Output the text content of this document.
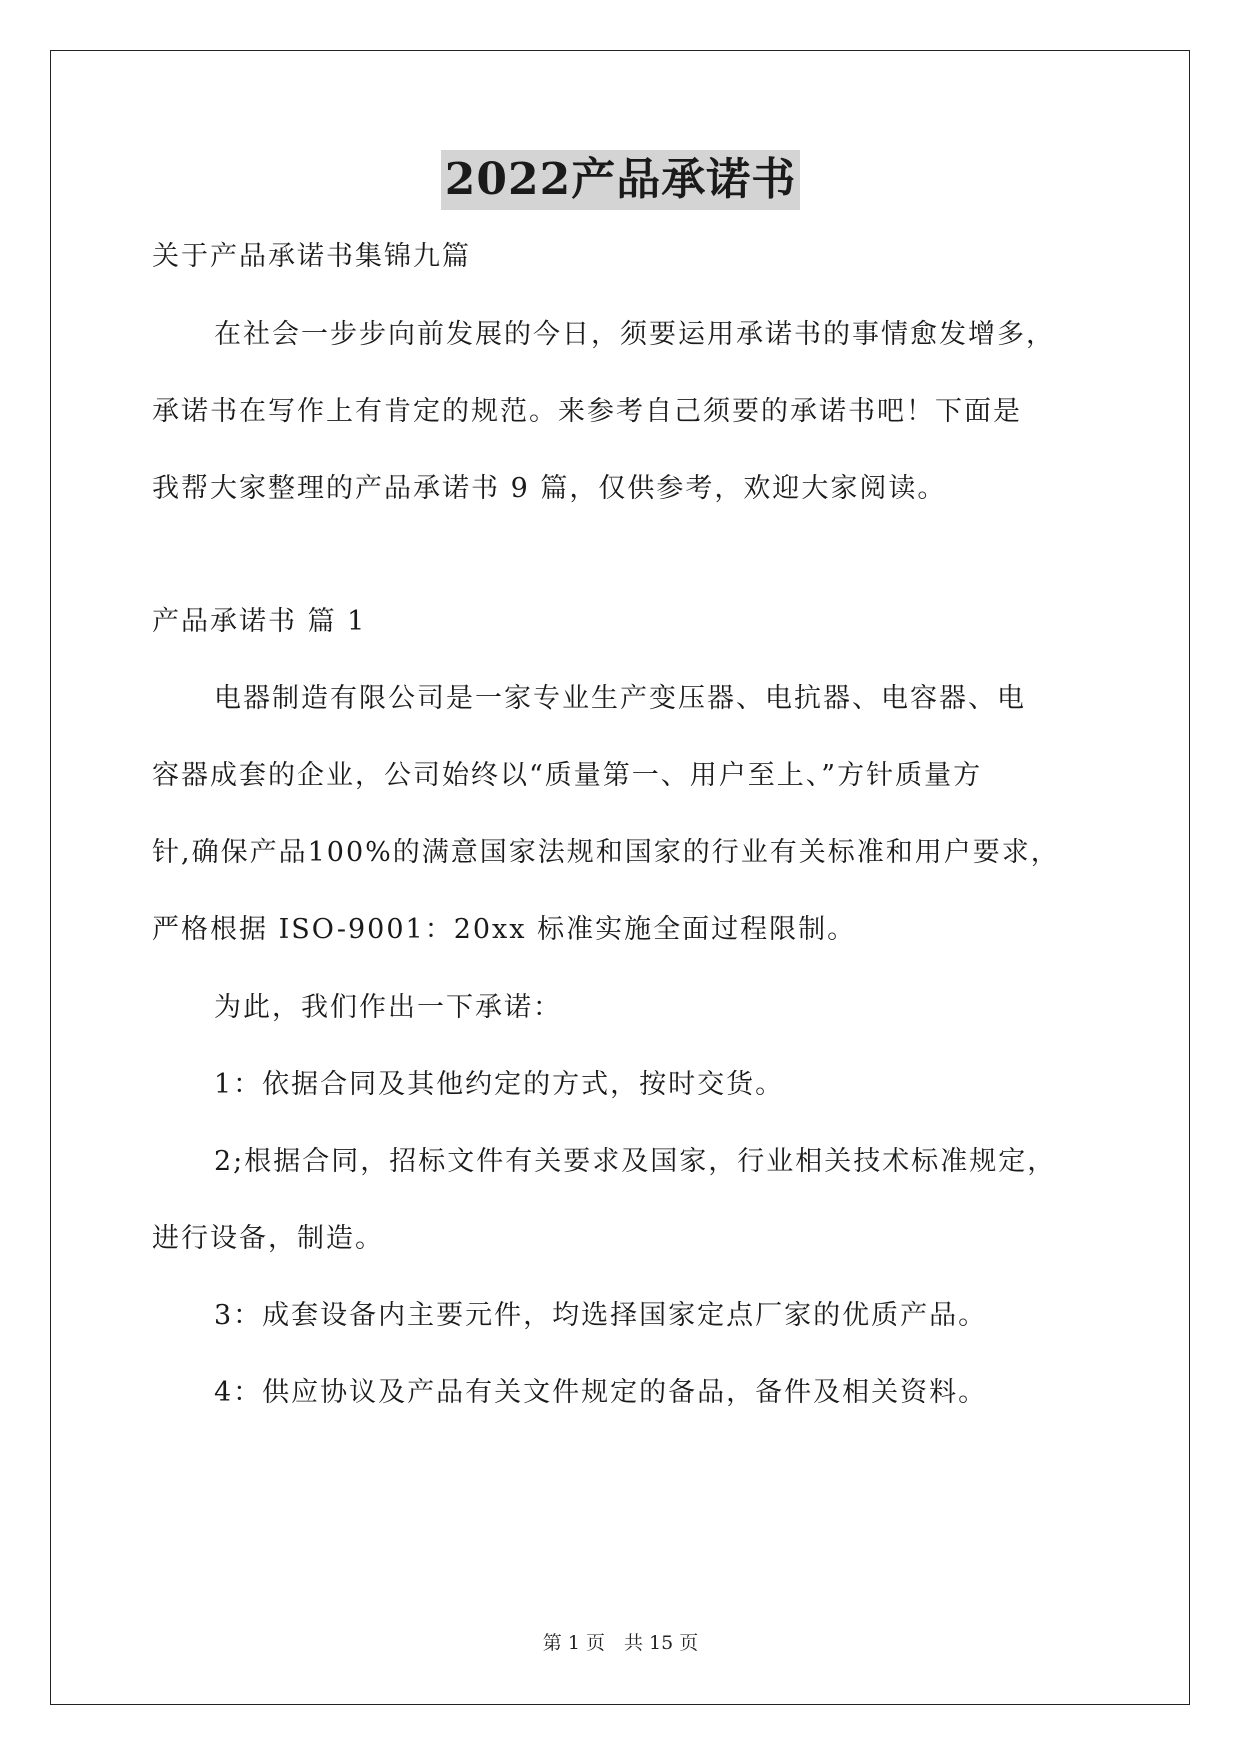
2022产品承诺书
关于产品承诺书集锦九篇
在社会一步步向前发展的今日，须要运用承诺书的事情愈发增多，
承诺书在写作上有肯定的规范。来参考自己须要的承诺书吧！下面是
我帮大家整理的产品承诺书 9 篇，仅供参考，欢迎大家阅读。
产品承诺书 篇 1
电器制造有限公司是一家专业生产变压器、电抗器、电容器、电
容器成套的企业，公司始终以“质量第一、用户至上、”方针质量方
针,确保产品100%的满意国家法规和国家的行业有关标准和用户要求，
严格根据 ISO-9001：20xx 标准实施全面过程限制。
为此，我们作出一下承诺：
1：依据合同及其他约定的方式，按时交货。
2;根据合同，招标文件有关要求及国家，行业相关技术标准规定，
进行设备，制造。
3：成套设备内主要元件，均选择国家定点厂家的优质产品。
4：供应协议及产品有关文件规定的备品，备件及相关资料。
第 1 页　共 15 页
